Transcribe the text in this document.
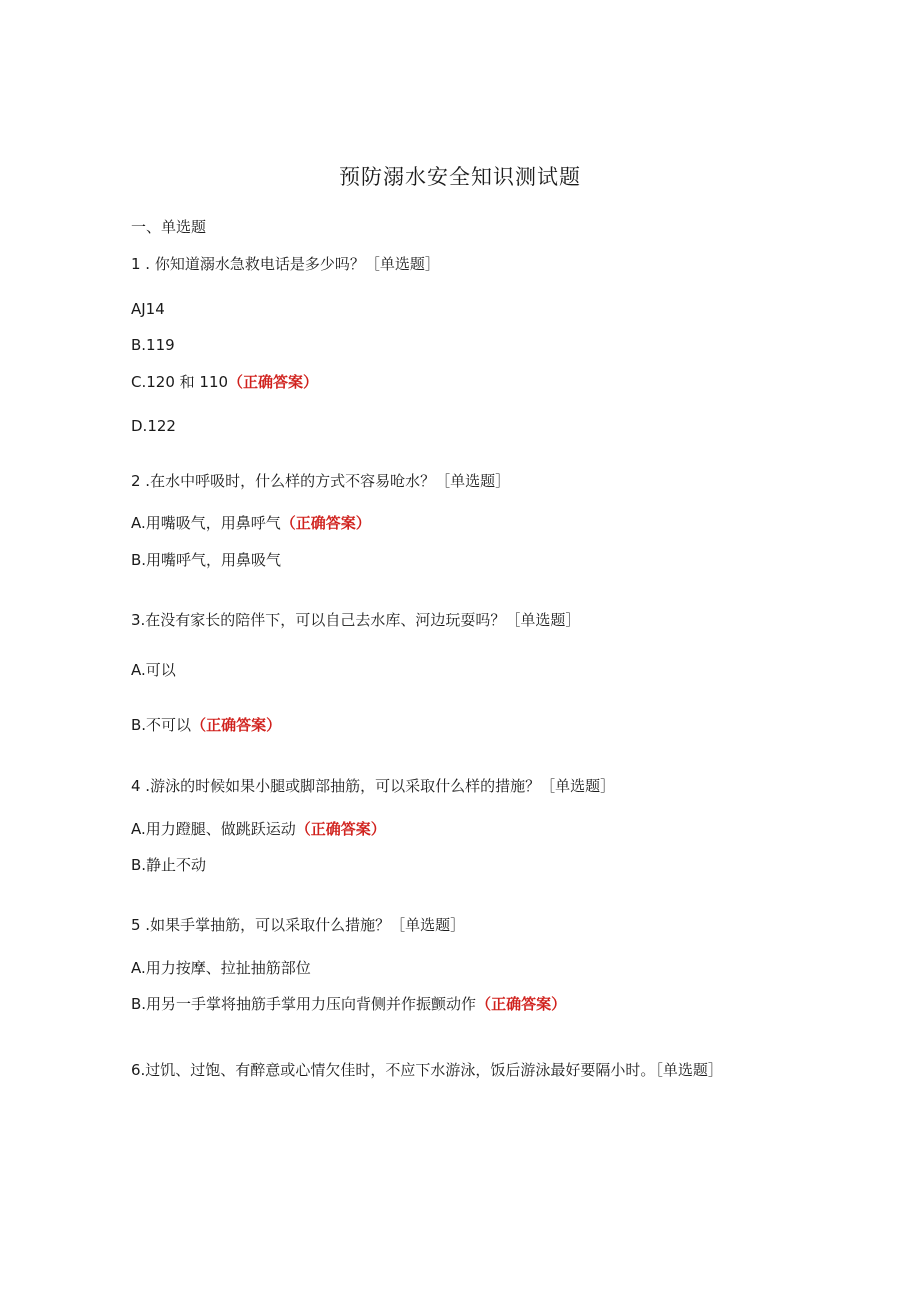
预防溺水安全知识测试题
一、单选题
1 . 你知道溺水急救电话是多少吗？［单选题］
AJ14
B.119
C.120 和 110（正确答案）
D.122
2 .在水中呼吸时，什么样的方式不容易呛水？［单选题］
A.用嘴吸气，用鼻呼气（正确答案）
B.用嘴呼气，用鼻吸气
3.在没有家长的陪伴下，可以自己去水库、河边玩耍吗？［单选题］
A.可以
B.不可以（正确答案）
4 .游泳的时候如果小腿或脚部抽筋，可以采取什么样的措施？［单选题］
A.用力蹬腿、做跳跃运动（正确答案）
B.静止不动
5 .如果手掌抽筋，可以采取什么措施？［单选题］
A.用力按摩、拉扯抽筋部位
B.用另一手掌将抽筋手掌用力压向背侧并作振颤动作（正确答案）
6.过饥、过饱、有醉意或心情欠佳时，不应下水游泳，饭后游泳最好要隔小时。［单选题］
